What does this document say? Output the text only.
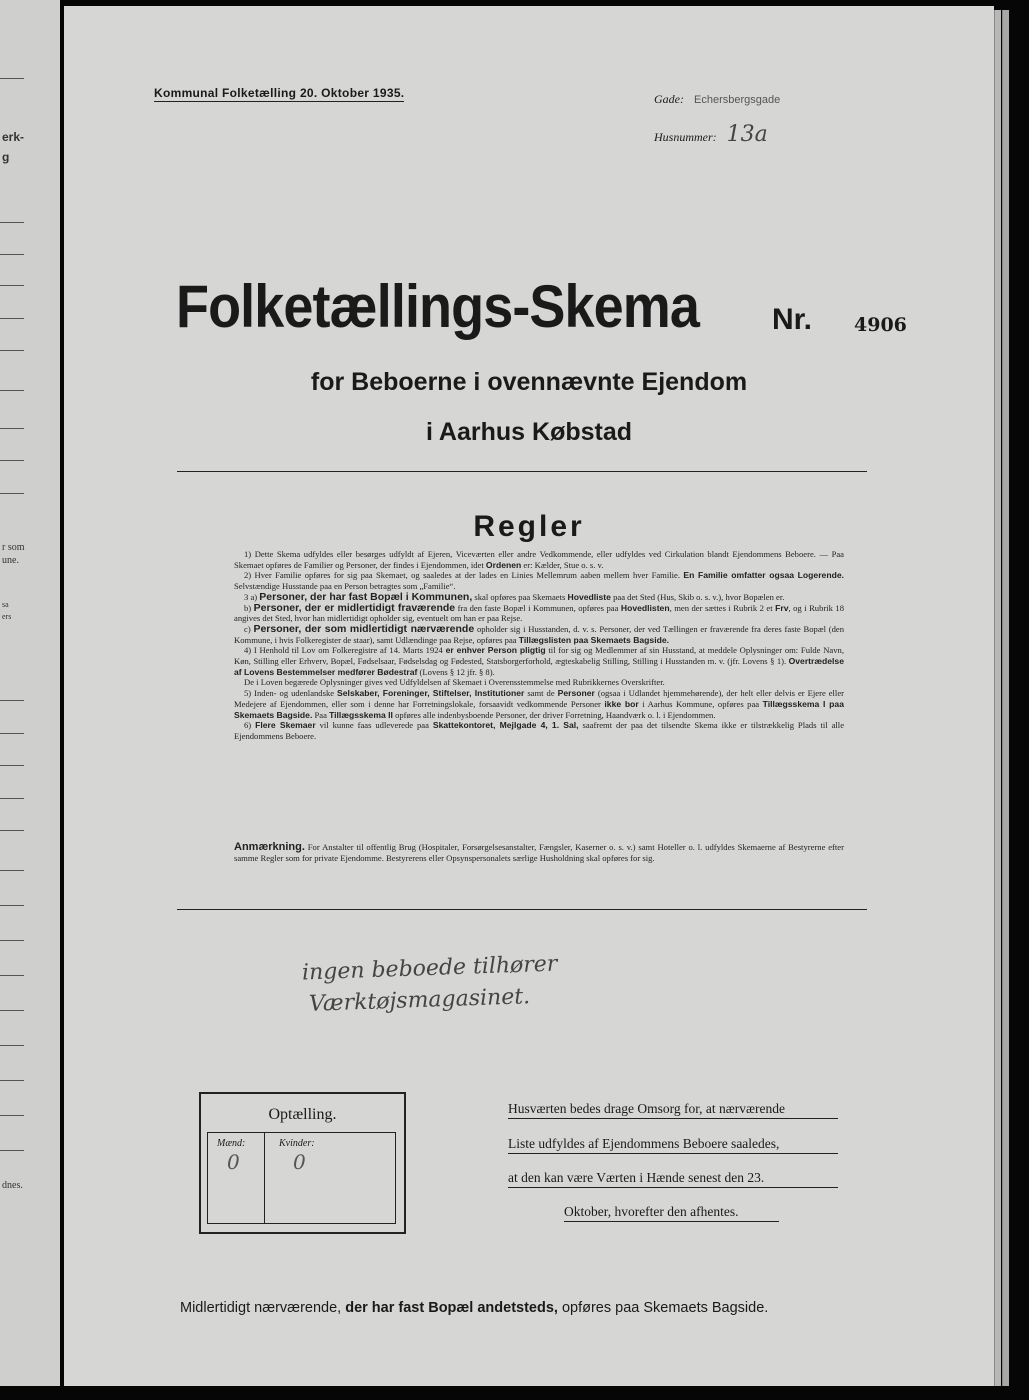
erk-
g
r som
une.
sa
ers
dnes.
Kommunal Folketælling 20. Oktober 1935.	Gade: Echersbergsgade
Husnummer: 13a
Folketællings-Skema Nr. 4906
for Beboerne i ovennævnte Ejendom
i Aarhus Købstad
Regler

1) Dette Skema udfyldes eller besørges udfyldt af Ejeren, Viceværten eller andre Vedkommende, eller udfyldes ved Cirkulation blandt Ejendommens Beboere. — Paa Skemaet opføres de Familier og Personer, der findes i Ejendommen, idet Ordenen er: Kælder, Stue o. s. v.

2) Hver Familie opføres for sig paa Skemaet, og saaledes at der lades en Linies Mellemrum aaben mellem hver Familie. En Familie omfatter ogsaa Logerende. Selvstændige Husstande paa en Person betragtes som „Familie“.

3 a) Personer, der har fast Bopæl i Kommunen, skal opføres paa Skemaets Hovedliste paa det Sted (Hus, Skib o. s. v.), hvor Bopælen er.

b) Personer, der er midlertidigt fraværende fra den faste Bopæl i Kommunen, opføres paa Hovedlisten, men der sættes i Rubrik 2 et Frv, og i Rubrik 18 angives det Sted, hvor han midlertidigt opholder sig, eventuelt om han er paa Rejse.

c) Personer, der som midlertidigt nærværende opholder sig i Husstanden, d. v. s. Personer, der ved Tællingen er fraværende fra deres faste Bopæl (den Kommune, i hvis Folkeregister de staar), samt Udlændinge paa Rejse, opføres paa Tillægslisten paa Skemaets Bagside.

4) I Henhold til Lov om Folkeregistre af 14. Marts 1924 er enhver Person pligtig til for sig og Medlemmer af sin Husstand, at meddele Oplysninger om: Fulde Navn, Køn, Stilling eller Erhverv, Bopæl, Fødselsaar, Fødselsdag og Fødested, Statsborgerforhold, ægteskabelig Stilling, Stilling i Husstanden m. v. (jfr. Lovens § 1). Overtrædelse af Lovens Bestemmelser medfører Bødestraf (Lovens § 12 jfr. § 8).

De i Loven begærede Oplysninger gives ved Udfyldelsen af Skemaet i Overensstemmelse med Rubrikkernes Overskrifter.

5) Inden- og udenlandske Selskaber, Foreninger, Stiftelser, Institutioner samt de Personer (ogsaa i Udlandet hjemmehørende), der helt eller delvis er Ejere eller Medejere af Ejendommen, eller som i denne har Forretningslokale, forsaavidt vedkommende Personer ikke bor i Aarhus Kommune, opføres paa Tillægsskema I paa Skemaets Bagside. Paa Tillægsskema II opføres alle indenbysboende Personer, der driver Forretning, Haandværk o. l. i Ejendommen.

6) Flere Skemaer vil kunne faas udleverede paa Skattekontoret, Mejlgade 4, 1. Sal, saafremt der paa det tilsendte Skema ikke er tilstrækkelig Plads til alle Ejendommens Beboere.

Anmærkning. For Anstalter til offentlig Brug (Hospitaler, Forsørgelsesanstalter, Fængsler, Kaserner o. s. v.) samt Hoteller o. l. udfyldes Skemaerne af Bestyrerne efter samme Regler som for private Ejendomme. Bestyrerens eller Opsynspersonalets særlige Husholdning skal opføres for sig.
ingen beboede tilhører
Værktøjsmagasinet.
Optælling.
Mænd:
0
Kvinder:
0
Husværten bedes drage Omsorg for, at nærværende
Liste udfyldes af Ejendommens Beboere saaledes,
at den kan være Værten i Hænde senest den 23.
Oktober, hvorefter den afhentes.
Midlertidigt nærværende, der har fast Bopæl andetsteds, opføres paa Skemaets Bagside.
